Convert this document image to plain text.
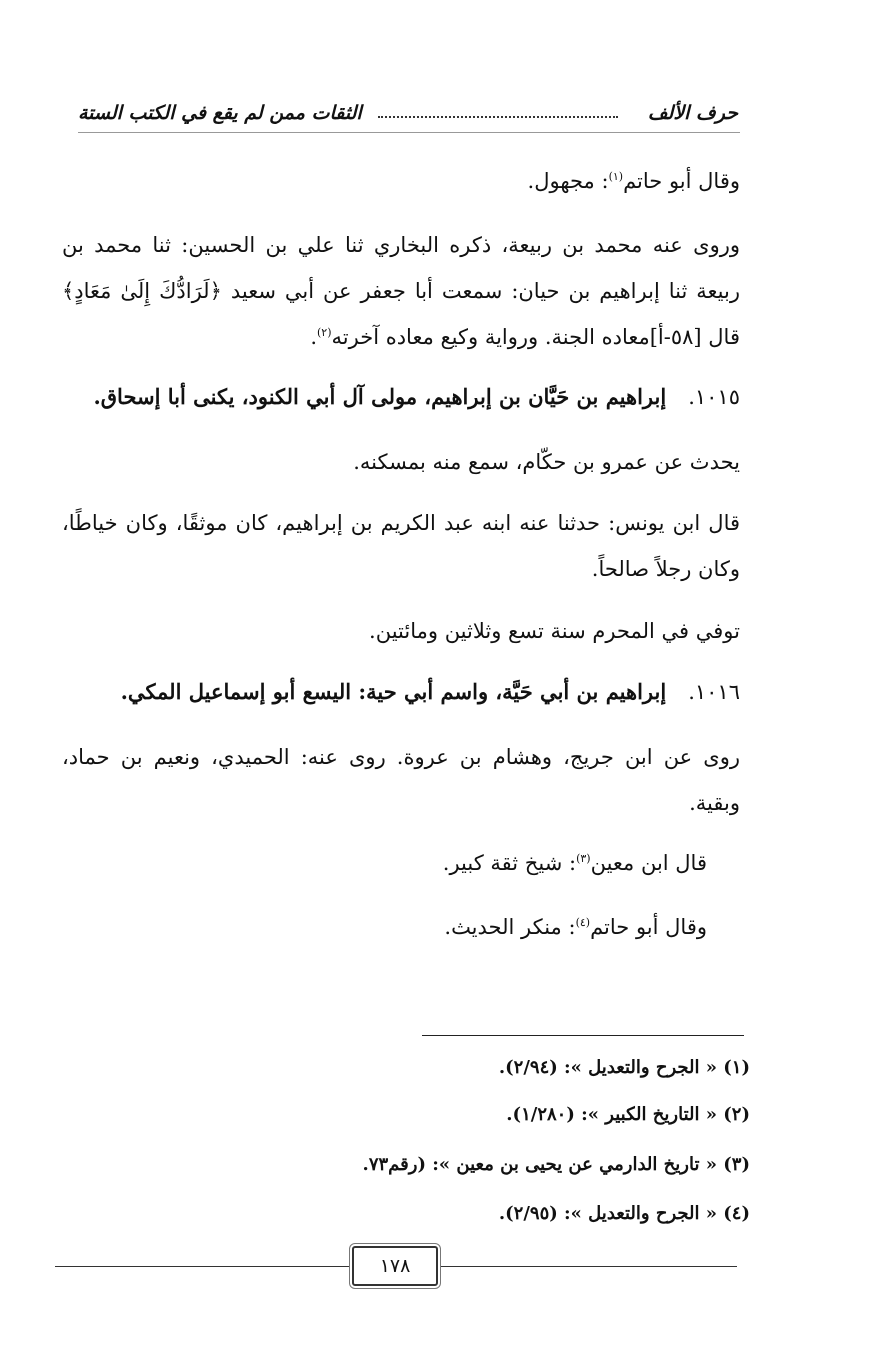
حرف الألف
الثقات ممن لم يقع في الكتب الستة
وقال أبو حاتم$^{(١)}$: مجهول.
وروى عنه محمد بن ربيعة، ذكره البخاري ثنا علي بن الحسين: ثنا محمد بن ربيعة ثنا إبراهيم بن حيان: سمعت أبا جعفر عن أبي سعيد ﴿لَرَادُّكَ إِلَىٰ مَعَادٍ﴾ قال [٥٨-أ]معاده الجنة. ورواية وكيع معاده آخرته$^{(٢)}$.
١٠١٥.إبراهيم بن حَيَّان بن إبراهيم، مولى آل أبي الكنود، يكنى أبا إسحاق.
يحدث عن عمرو بن حكّام، سمع منه بمسكنه.
قال ابن يونس: حدثنا عنه ابنه عبد الكريم بن إبراهيم، كان موثقًا، وكان خياطًا، وكان رجلاً صالحاً.
توفي في المحرم سنة تسع وثلاثين ومائتين.
١٠١٦.إبراهيم بن أبي حَيَّة، واسم أبي حية: اليسع أبو إسماعيل المكي.
روى عن ابن جريج، وهشام بن عروة. روى عنه: الحميدي، ونعيم بن حماد، وبقية.
قال ابن معين$^{(٣)}$: شيخ ثقة كبير.
وقال أبو حاتم$^{(٤)}$: منكر الحديث.
(١) « الجرح والتعديل »: (٢/٩٤).
(٢) « التاريخ الكبير »: (١/٢٨٠).
(٣) « تاريخ الدارمي عن يحيى بن معين »: (رقم٧٣.
(٤) « الجرح والتعديل »: (٢/٩٥).
١٧٨
